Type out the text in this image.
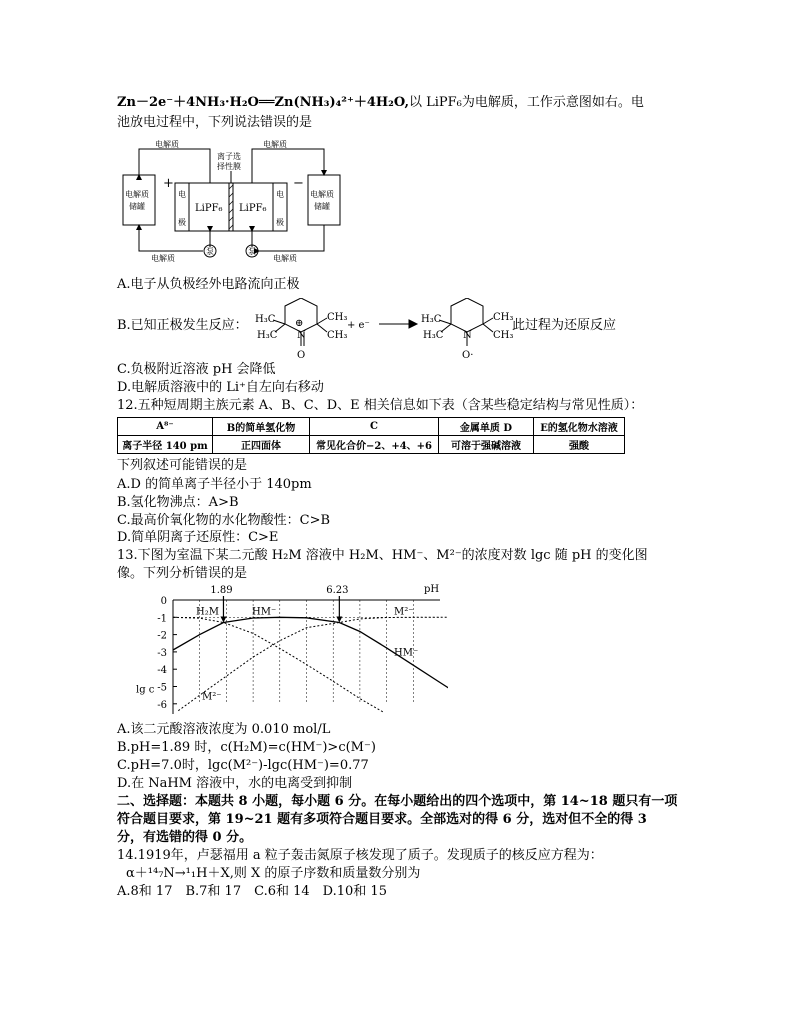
Zn－2e⁻＋4NH₃·H₂O══Zn(NH₃)₄²⁺＋4H₂O,以 LiPF₆为电解质，工作示意图如右。电
池放电过程中，下列说法错误的是
电解质	电解质
电解质	电解质
离子选
择性膜
电解质
储罐
电解质
储罐
电
极
电
极
泵	泵
LiPF₆ LiPF₆
+	−
A.电子从负极经外电路流向正极
B.已知正极发生反应： H₃C
H₃C
CH₃
CH₃
N
⊕
O
+ e⁻
H₃C
H₃C
CH₃
CH₃
N
O·
此过程为还原反应
C.负极附近溶液 pH 会降低
D.电解质溶液中的 Li⁺自左向右移动
12.五种短周期主族元素 A、B、C、D、E 相关信息如下表（含某些稳定结构与常见性质）：
A⁸⁻	B的简单氢化物	C	金属单质 D	E的氢化物水溶液
离子半径 140 pm	正四面体	常见化合价−2、+4、+6	可溶于强碱溶液	强酸
下列叙述可能错误的是
A.D 的简单离子半径小于 140pm
B.氢化物沸点：A>B
C.最高价氧化物的水化物酸性：C>B
D.简单阴离子还原性：C>E
13.下图为室温下某二元酸 H₂M 溶液中 H₂M、HM⁻、M²⁻的浓度对数 lgc 随 pH 的变化图
像。下列分析错误的是
0
-1
-2
-3
-4
-5
-6
pH
lg c
1.89	6.23
H₂M	HM⁻	M²⁻
HM⁻
M²⁻
A.该二元酸溶液浓度为 0.010 mol/L
B.pH=1.89 时，c(H₂M)=c(HM⁻)>c(M⁻)
C.pH=7.0时，lgc(M²⁻)-lgc(HM⁻)=0.77
D.在 NaHM 溶液中，水的电离受到抑制
二、选择题：本题共 8 小题，每小题 6 分。在每小题给出的四个选项中，第 14~18 题只有一项
符合题目要求，第 19~21 题有多项符合题目要求。全部选对的得 6 分，选对但不全的得 3
分，有选错的得 0 分。
14.1919年，卢瑟福用 a 粒子轰击氮原子核发现了质子。发现质子的核反应方程为：
α＋¹⁴₇N→¹₁H＋X,则 X 的原子序数和质量数分别为
A.8和 17　B.7和 17　C.6和 14　D.10和 15
